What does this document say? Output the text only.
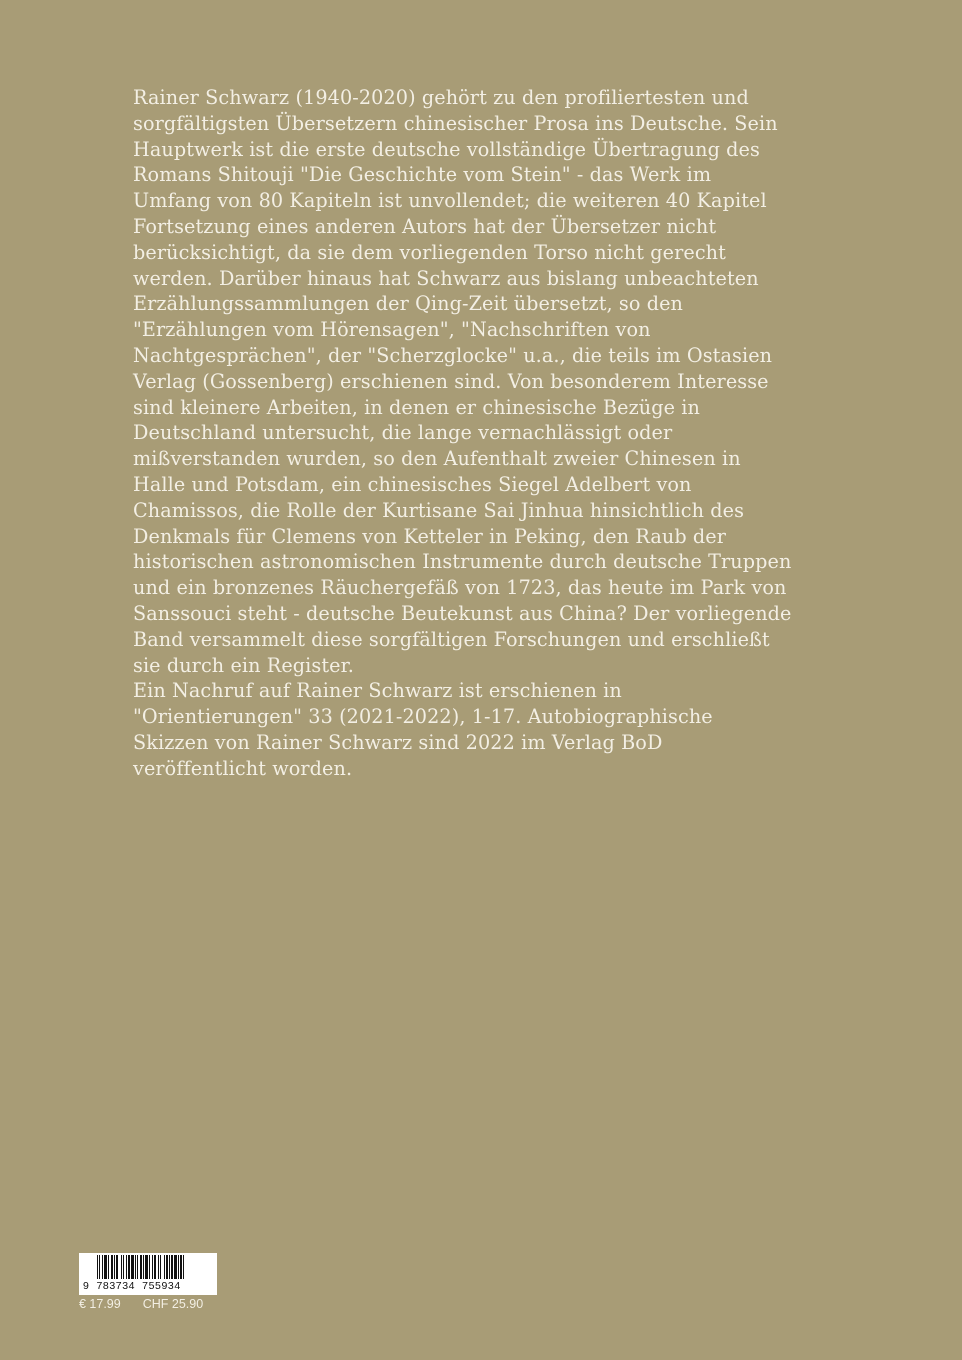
Rainer Schwarz (1940-2020) gehört zu den profiliertesten und sorgfältigsten Übersetzern chinesischer Prosa ins Deutsche. Sein Hauptwerk ist die erste deutsche vollständige Übertragung des Romans Shitouji "Die Geschichte vom Stein" - das Werk im Umfang von 80 Kapiteln ist unvollendet; die weiteren 40 Kapitel Fortsetzung eines anderen Autors hat der Übersetzer nicht berücksichtigt, da sie dem vorliegenden Torso nicht gerecht werden. Darüber hinaus hat Schwarz aus bislang unbeachteten Erzählungssammlungen der Qing-Zeit übersetzt, so den "Erzählungen vom Hörensagen", "Nachschriften von Nachtgesprächen", der "Scherzglocke" u.a., die teils im Ostasien Verlag (Gossenberg) erschienen sind. Von besonderem Interesse sind kleinere Arbeiten, in denen er chinesische Bezüge in Deutschland untersucht, die lange vernachlässigt oder mißverstanden wurden, so den Aufenthalt zweier Chinesen in Halle und Potsdam, ein chinesisches Siegel Adelbert von Chamissos, die Rolle der Kurtisane Sai Jinhua hinsichtlich des Denkmals für Clemens von Ketteler in Peking, den Raub der historischen astronomischen Instrumente durch deutsche Truppen und ein bronzenes Räuchergefäß von 1723, das heute im Park von Sanssouci steht - deutsche Beutekunst aus China? Der vorliegende Band versammelt diese sorgfältigen Forschungen und erschließt sie durch ein Register.

Ein Nachruf auf Rainer Schwarz ist erschienen in "Orientierungen" 33 (2021-2022), 1-17. Autobiographische Skizzen von Rainer Schwarz sind 2022 im Verlag BoD veröffentlicht worden.

9  783734  755934
€ 17.99 CHF 25.90
